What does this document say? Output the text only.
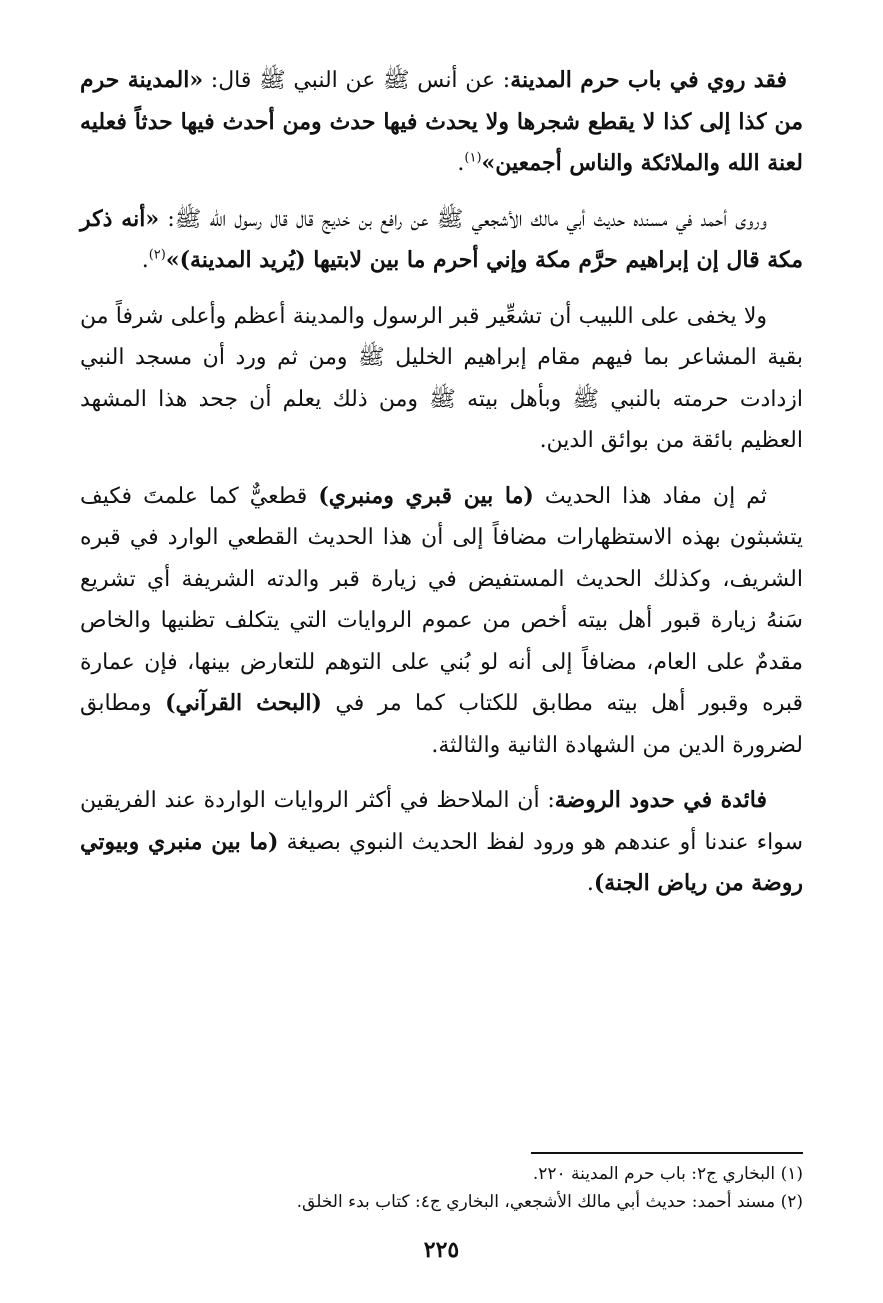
فقد روي في باب حرم المدينة: عن أنس ﷺ عن النبي ﷺ قال: «المدينة حرم من كذا إلى كذا لا يقطع شجرها ولا يحدث فيها حدث ومن أحدث فيها حدثاً فعليه لعنة الله والملائكة والناس أجمعين»$^{(١)}$.

وروى أحمد في مسنده حديث أبي مالك الأشجعي ﷺ عن رافع بن خديج قال قال رسول الله ﷺ: «أنه ذكر مكة قال إن إبراهيم حرَّم مكة وإني أحرم ما بين لابتيها (يُريد المدينة)»$^{(٢)}$.

ولا يخفى على اللبيب أن تشعِّير قبر الرسول والمدينة أعظم وأعلى شرفاً من بقية المشاعر بما فيهم مقام إبراهيم الخليل ﷺ ومن ثم ورد أن مسجد النبي ازدادت حرمته بالنبي ﷺ وبأهل بيته ﷺ ومن ذلك يعلم أن جحد هذا المشهد العظيم بائقة من بوائق الدين.

ثم إن مفاد هذا الحديث (ما بين قبري ومنبري) قطعيٌّ كما علمتَ فكيف يتشبثون بهذه الاستظهارات مضافاً إلى أن هذا الحديث القطعي الوارد في قبره الشريف، وكذلك الحديث المستفيض في زيارة قبر والدته الشريفة أي تشريع سَنهُ زيارة قبور أهل بيته أخص من عموم الروايات التي يتكلف تظنيها والخاص مقدمٌ على العام، مضافاً إلى أنه لو بُني على التوهم للتعارض بينها، فإن عمارة قبره وقبور أهل بيته مطابق للكتاب كما مر في (البحث القرآني) ومطابق لضرورة الدين من الشهادة الثانية والثالثة.

فائدة في حدود الروضة: أن الملاحظ في أكثر الروايات الواردة عند الفريقين سواء عندنا أو عندهم هو ورود لفظ الحديث النبوي بصيغة (ما بين منبري وبيوتي روضة من رياض الجنة).

(١) البخاري ج٢: باب حرم المدينة ٢٢٠.

(٢) مسند أحمد: حديث أبي مالك الأشجعي، البخاري ج٤: كتاب بدء الخلق.

٢٢٥
